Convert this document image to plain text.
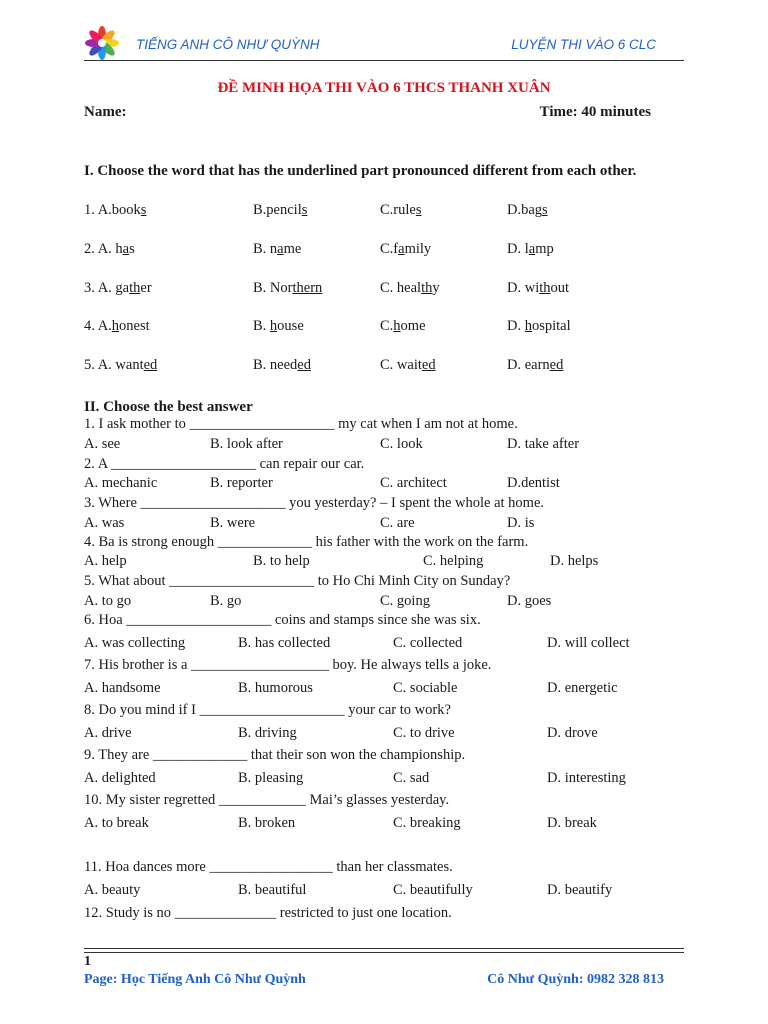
TIẾNG ANH CÔ NHƯ QUỲNH	LUYỆN THI VÀO 6 CLC
ĐỀ MINH HỌA THI VÀO 6 THCS THANH XUÂN
Name:	Time: 40 minutes
I. Choose the word that has the underlined part pronounced different from each other.
1. A.books	B.pencils	C.rules	D.bags
2. A. has	B. name	C.family	D. lamp
3. A. gather	B. Northern	C. healthy	D. without
4. A.honest	B. house	C.home	D. hospital
5. A. wanted	B. needed	C. waited	D. earned
II. Choose the best answer
1. I ask mother to ____________________ my cat when I am not at home.
A. see	B. look after	C. look	D. take after
2. A ____________________ can repair our car.
A. mechanic	B. reporter	C. architect	D.dentist
3. Where ____________________ you yesterday? – I spent the whole at home.
A. was	B. were	C. are	D. is
4. Ba is strong enough _____________ his father with the work on the farm.
A. help	B. to help	C. helping	D. helps
5. What about ____________________ to Ho Chi Minh City on Sunday?
A. to go	B. go	C. going	D. goes
6. Hoa ____________________ coins and stamps since she was six.
A. was collecting	B. has collected	C. collected	D. will collect
7. His brother is a ___________________ boy. He always tells a joke.
A. handsome	B. humorous	C. sociable	D. energetic
8. Do you mind if I ____________________ your car to work?
A. drive	B. driving	C. to drive	D. drove
9. They are _____________ that their son won the championship.
A. delighted	B. pleasing	C. sad	D. interesting
10. My sister regretted ____________ Mai’s glasses yesterday.
A. to break	B. broken	C. breaking	D. break
11. Hoa dances more _________________ than her classmates.
A. beauty	B. beautiful	C. beautifully	D. beautify
12. Study is no ______________ restricted to just one location.
1
Page: Học Tiếng Anh Cô Như Quỳnh	Cô Như Quỳnh: 0982 328 813
